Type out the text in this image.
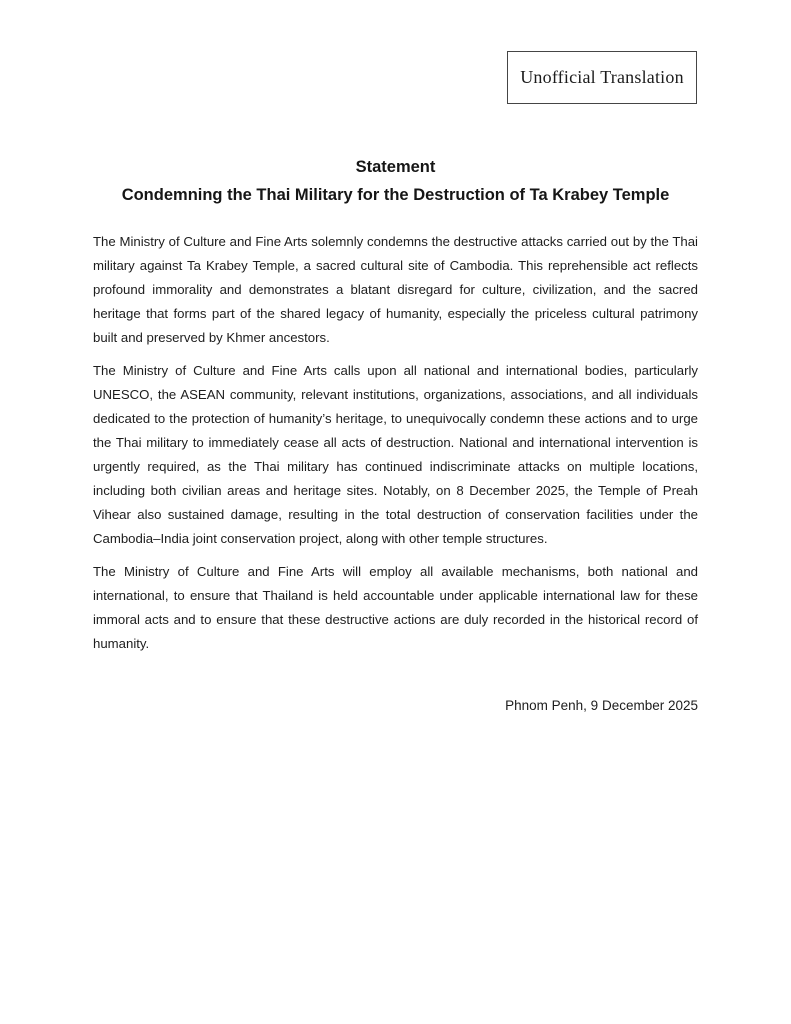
Unofficial Translation
Statement
Condemning the Thai Military for the Destruction of Ta Krabey Temple

The Ministry of Culture and Fine Arts solemnly condemns the destructive attacks carried out by the Thai military against Ta Krabey Temple, a sacred cultural site of Cambodia. This reprehensible act reflects profound immorality and demonstrates a blatant disregard for culture, civilization, and the sacred heritage that forms part of the shared legacy of humanity, especially the priceless cultural patrimony built and preserved by Khmer ancestors.

The Ministry of Culture and Fine Arts calls upon all national and international bodies, particularly UNESCO, the ASEAN community, relevant institutions, organizations, associations, and all individuals dedicated to the protection of humanity’s heritage, to unequivocally condemn these actions and to urge the Thai military to immediately cease all acts of destruction. National and international intervention is urgently required, as the Thai military has continued indiscriminate attacks on multiple locations, including both civilian areas and heritage sites. Notably, on 8 December 2025, the Temple of Preah Vihear also sustained damage, resulting in the total destruction of conservation facilities under the Cambodia–India joint conservation project, along with other temple structures.

The Ministry of Culture and Fine Arts will employ all available mechanisms, both national and international, to ensure that Thailand is held accountable under applicable international law for these immoral acts and to ensure that these destructive actions are duly recorded in the historical record of humanity.

Phnom Penh, 9 December 2025
